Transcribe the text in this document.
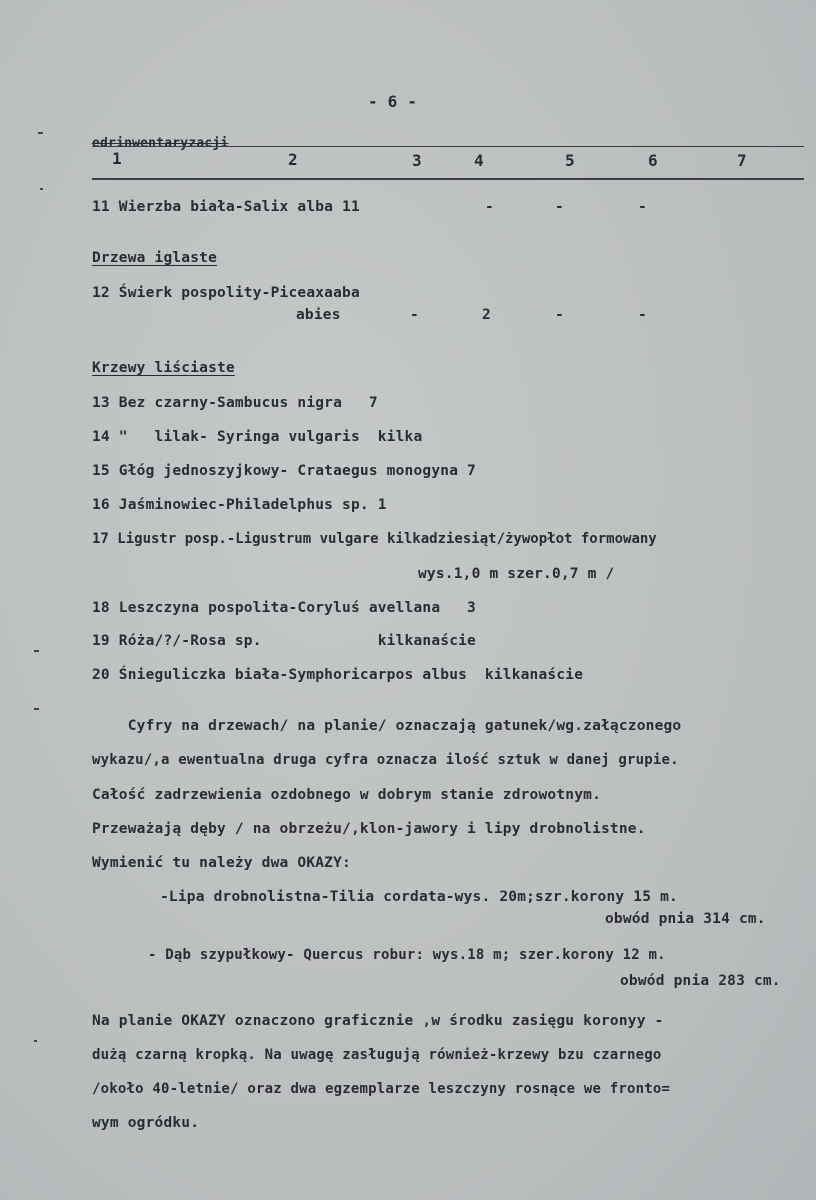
- 6 -
edrinwentaryzacji
1	2	3	4	5	6	7
11 Wierzba biała-Salix alba 11	-	-	-
Drzewa iglaste
12 Świerk pospolity-Piceaxaaba
abies	-	2	-	-
Krzewy liściaste
13 Bez czarny-Sambucus nigra   7
14 "   lilak- Syringa vulgaris  kilka
15 Głóg jednoszyjkowy- Crataegus monogyna 7
16 Jaśminowiec-Philadelphus sp. 1
17 Ligustr posp.-Ligustrum vulgare kilkadziesiąt/żywopłot formowany
wys.1,0 m szer.0,7 m /
18 Leszczyna pospolita-Coryluś avellana   3
19 Róża/?/-Rosa sp.             kilkanaście
20 Śnieguliczka biała-Symphoricarpos albus  kilkanaście
Cyfry na drzewach/ na planie/ oznaczają gatunek/wg.załączonego
wykazu/,a ewentualna druga cyfra oznacza ilość sztuk w danej grupie.
Całość zadrzewienia ozdobnego w dobrym stanie zdrowotnym.
Przeważają dęby / na obrzeżu/,klon-jawory i lipy drobnolistne.
Wymienić tu należy dwa OKAZY:
-Lipa drobnolistna-Tilia cordata-wys. 20m;szr.korony 15 m.
obwód pnia 314 cm.
- Dąb szypułkowy- Quercus robur: wys.18 m; szer.korony 12 m.
obwód pnia 283 cm.
Na planie OKAZY oznaczono graficznie ,w środku zasięgu koronyy -
dużą czarną kropką. Na uwagę zasługują również-krzewy bzu czarnego
/około 40-letnie/ oraz dwa egzemplarze leszczyny rosnące we fronto=
wym ogródku.
